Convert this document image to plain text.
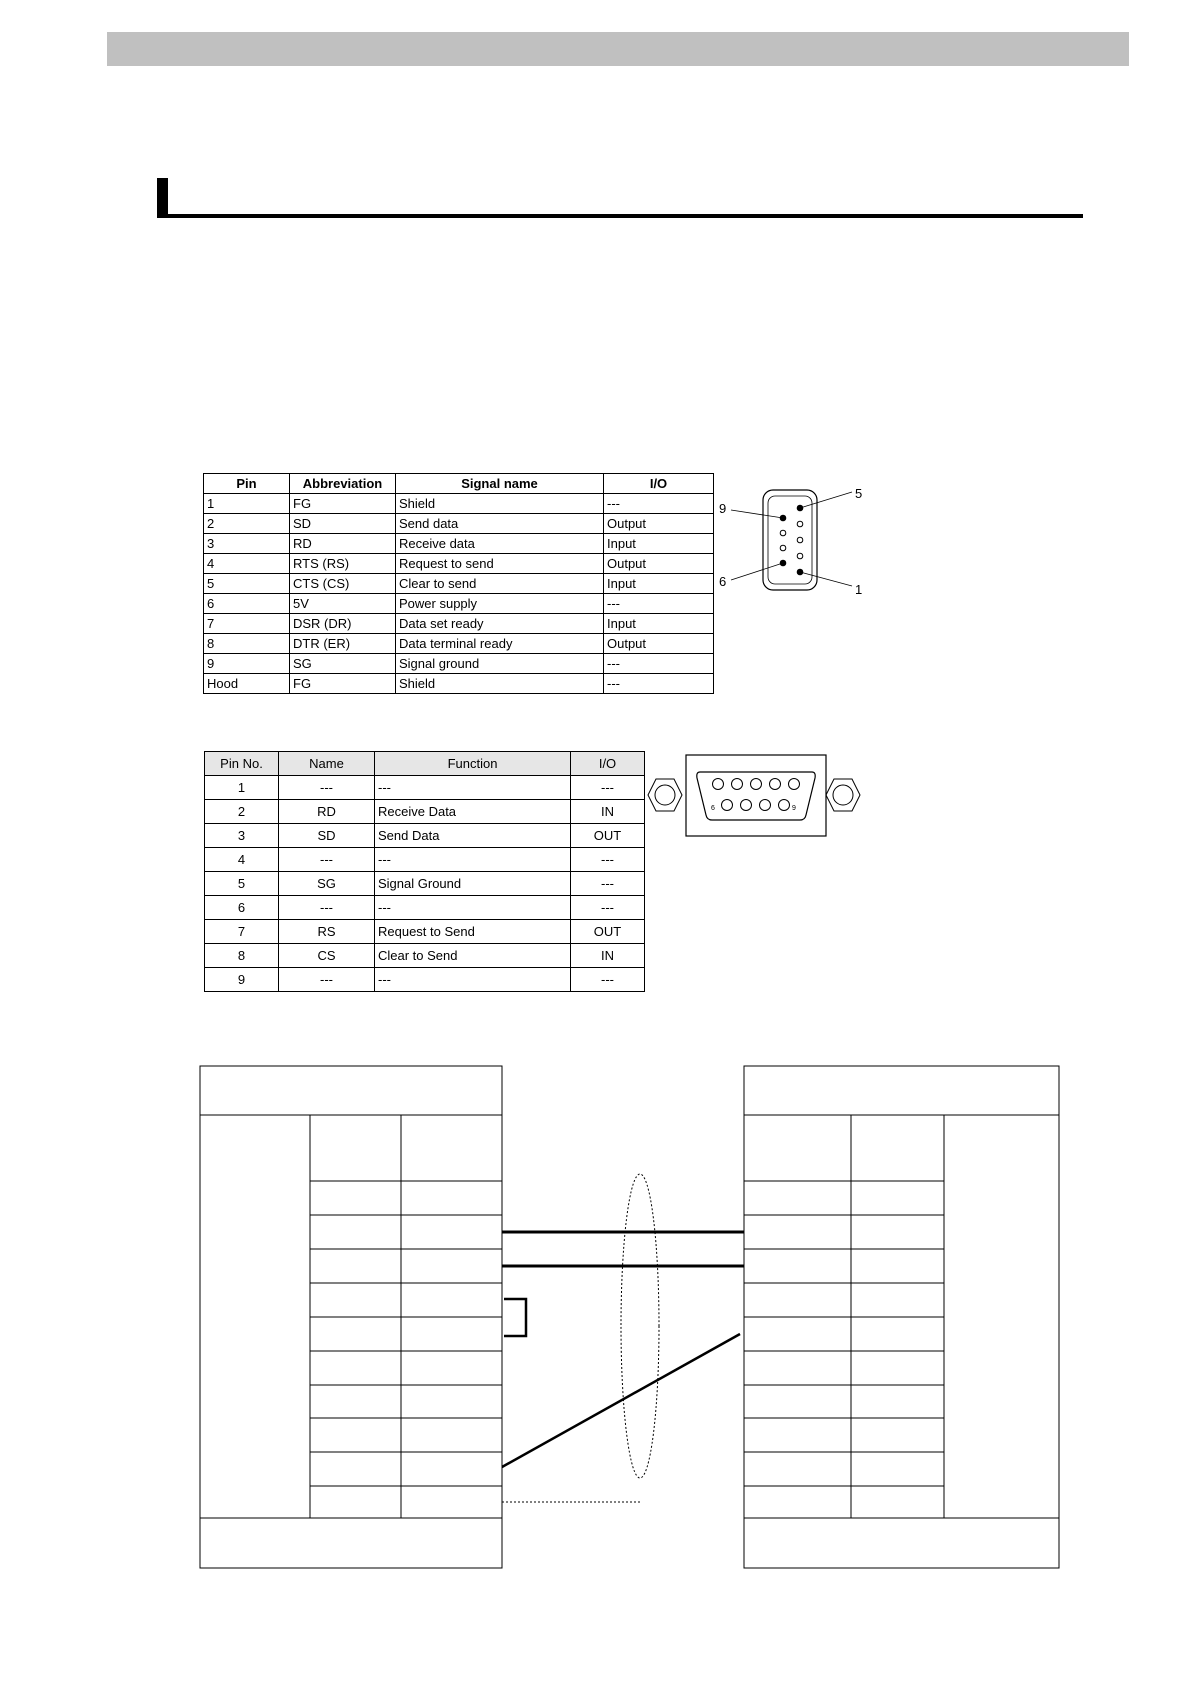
Pin	Abbreviation	Signal name	I/O
1	FG	Shield	---
2	SD	Send data	Output
3	RD	Receive data	Input
4	RTS (RS)	Request to send	Output
5	CTS (CS)	Clear to send	Input
6	5V	Power supply	---
7	DSR (DR)	Data set ready	Input
8	DTR (ER)	Data terminal ready	Output
9	SG	Signal ground	---
Hood	FG	Shield	---
Pin No.	Name	Function	I/O
1	---	---	---
2	RD	Receive Data	IN
3	SD	Send Data	OUT
4	---	---	---
5	SG	Signal Ground	---
6	---	---	---
7	RS	Request to Send	OUT
8	CS	Clear to Send	IN
9	---	---	---
9
5
6
1
6	9
